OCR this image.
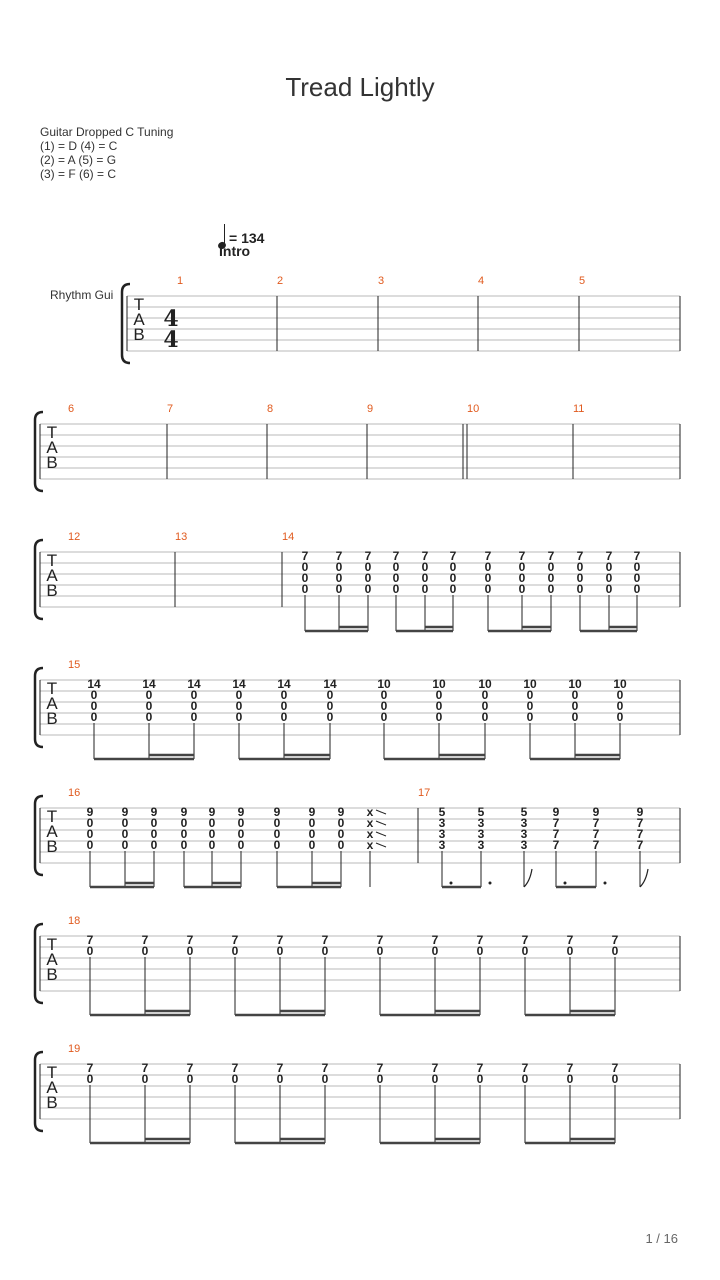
Tread Lightly
Guitar Dropped C Tuning
(1) = D (4) = C
(2) = A (5) = G
(3) = F (6) = C
= 134
Intro
Rhythm Gui T
A
B
4
4
1	2	3	4	5
T
A
B
6	7	8	9	10	11
T
A
B
12	13	14
7
0
0
0
7
0
0
0
7
0
0
0
7
0
0
0
7
0
0
0
7
0
0
0
7
0
0
0
7
0
0
0
7
0
0
0
7
0
0
0
7
0
0
0
7
0
0
0
T
A
B
15
14
0
0
0
14
0
0
0
14
0
0
0
14
0
0
0
14
0
0
0
14
0
0
0
10
0
0
0
10
0
0
0
10
0
0
0
10
0
0
0
10
0
0
0
10
0
0
0
T
A
B
16
9
0
0
0
9
0
0
0
9
0
0
0
9
0
0
0
9
0
0
0
9
0
0
0
9
0
0
0
9
0
0
0
9
0
0
0
x
x
x
x
17
5
3
3
3
5
3
3
3
5
3
3
3
9
7
7
7
9
7
7
7
9
7
7
7
T
A
B
18
7
0
7
0
7
0
7
0
7
0
7
0
7
0
7
0
7
0
7
0
7
0
7
0
T
A
B
19
7
0
7
0
7
0
7
0
7
0
7
0
7
0
7
0
7
0
7
0
7
0
7
0
1 / 16
